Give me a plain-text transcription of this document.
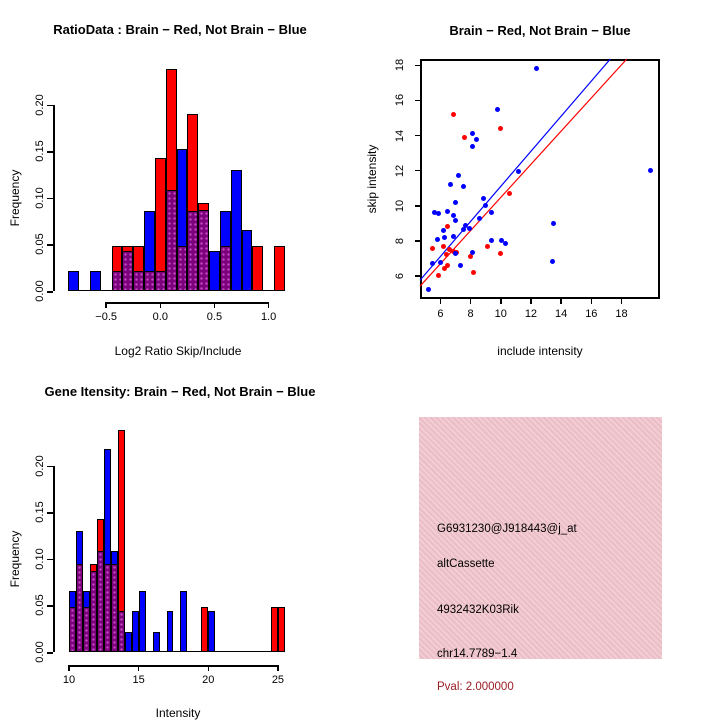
RatioData : Brain − Red, Not Brain − Blue
Frequency
Log2 Ratio Skip/Include
0.00
0.05
0.10
0.15
0.20
−0.5	0.0	0.5	1.0
Brain − Red, Not Brain − Blue
skip intensity
include intensity
6	8	10	12	14	16	18
6
8
10
12
14
16
18
Gene Itensity: Brain − Red, Not Brain − Blue
Frequency
Intensity
0.00
0.05
0.10
0.15
0.20
10	15	20	25
G6931230@J918443@j_at
altCassette
4932432K03Rik
chr14.7789−1.4
Pval: 2.000000
